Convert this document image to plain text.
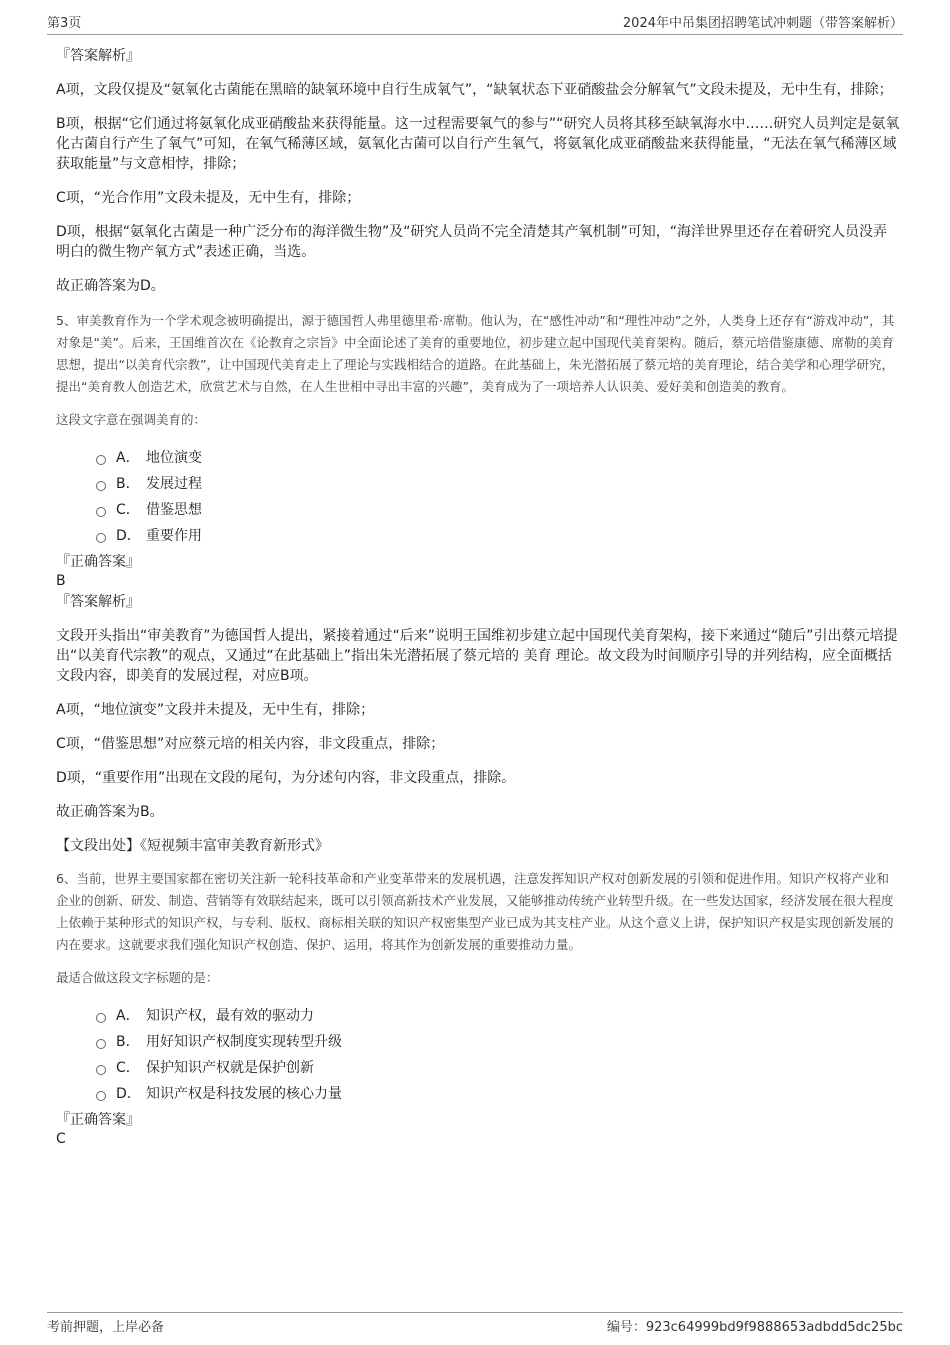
第3页	2024年中吊集团招聘笔试冲刺题（带答案解析）

『答案解析』

A项，文段仅提及“氨氧化古菌能在黑暗的缺氧环境中自行生成氧气”，“缺氧状态下亚硝酸盐会分解氧气”文段未提及，无中生有，排除；

B项，根据“它们通过将氨氧化成亚硝酸盐来获得能量。这一过程需要氧气的参与”“研究人员将其移至缺氧海水中……研究人员判定是氨氧化古菌自行产生了氧气”可知，在氧气稀薄区域，氨氧化古菌可以自行产生氧气，将氨氧化成亚硝酸盐来获得能量，“无法在氧气稀薄区域获取能量”与文意相悖，排除；

C项，“光合作用”文段未提及，无中生有，排除；

D项，根据“氨氧化古菌是一种广泛分布的海洋微生物”及“研究人员尚不完全清楚其产氧机制”可知，“海洋世界里还存在着研究人员没弄明白的微生物产氧方式”表述正确，当选。

故正确答案为D。

5、审美教育作为一个学术观念被明确提出，源于德国哲人弗里德里希·席勒。他认为，在“感性冲动”和“理性冲动”之外，人类身上还存有“游戏冲动”，其对象是“美”。后来，王国维首次在《论教育之宗旨》中全面论述了美育的重要地位，初步建立起中国现代美育架构。随后，蔡元培借鉴康德、席勒的美育思想，提出“以美育代宗教”，让中国现代美育走上了理论与实践相结合的道路。在此基础上，朱光潜拓展了蔡元培的美育理论，结合美学和心理学研究，提出“美育教人创造艺术，欣赏艺术与自然，在人生世相中寻出丰富的兴趣”，美育成为了一项培养人认识美、爱好美和创造美的教育。

这段文字意在强调美育的：

A． 地位演变
B． 发展过程
C． 借鉴思想
D． 重要作用

『正确答案』

B

『答案解析』

文段开头指出“审美教育”为德国哲人提出，紧接着通过“后来”说明王国维初步建立起中国现代美育架构，接下来通过“随后”引出蔡元培提出“以美育代宗教”的观点，又通过“在此基础上”指出朱光潜拓展了蔡元培的 美育 理论。故文段为时间顺序引导的并列结构，应全面概括文段内容，即美育的发展过程，对应B项。

A项，“地位演变”文段并未提及，无中生有，排除；

C项，“借鉴思想”对应蔡元培的相关内容，非文段重点，排除；

D项，“重要作用”出现在文段的尾句，为分述句内容，非文段重点，排除。

故正确答案为B。

【文段出处】《短视频丰富审美教育新形式》

6、当前，世界主要国家都在密切关注新一轮科技革命和产业变革带来的发展机遇，注意发挥知识产权对创新发展的引领和促进作用。知识产权将产业和企业的创新、研发、制造、营销等有效联结起来，既可以引领高新技术产业发展，又能够推动传统产业转型升级。在一些发达国家，经济发展在很大程度上依赖于某种形式的知识产权，与专利、版权、商标相关联的知识产权密集型产业已成为其支柱产业。从这个意义上讲，保护知识产权是实现创新发展的内在要求。这就要求我们强化知识产权创造、保护、运用，将其作为创新发展的重要推动力量。

最适合做这段文字标题的是：

A． 知识产权，最有效的驱动力
B． 用好知识产权制度实现转型升级
C． 保护知识产权就是保护创新
D． 知识产权是科技发展的核心力量

『正确答案』

C

考前押题，上岸必备	编号：923c64999bd9f9888653adbdd5dc25bc
